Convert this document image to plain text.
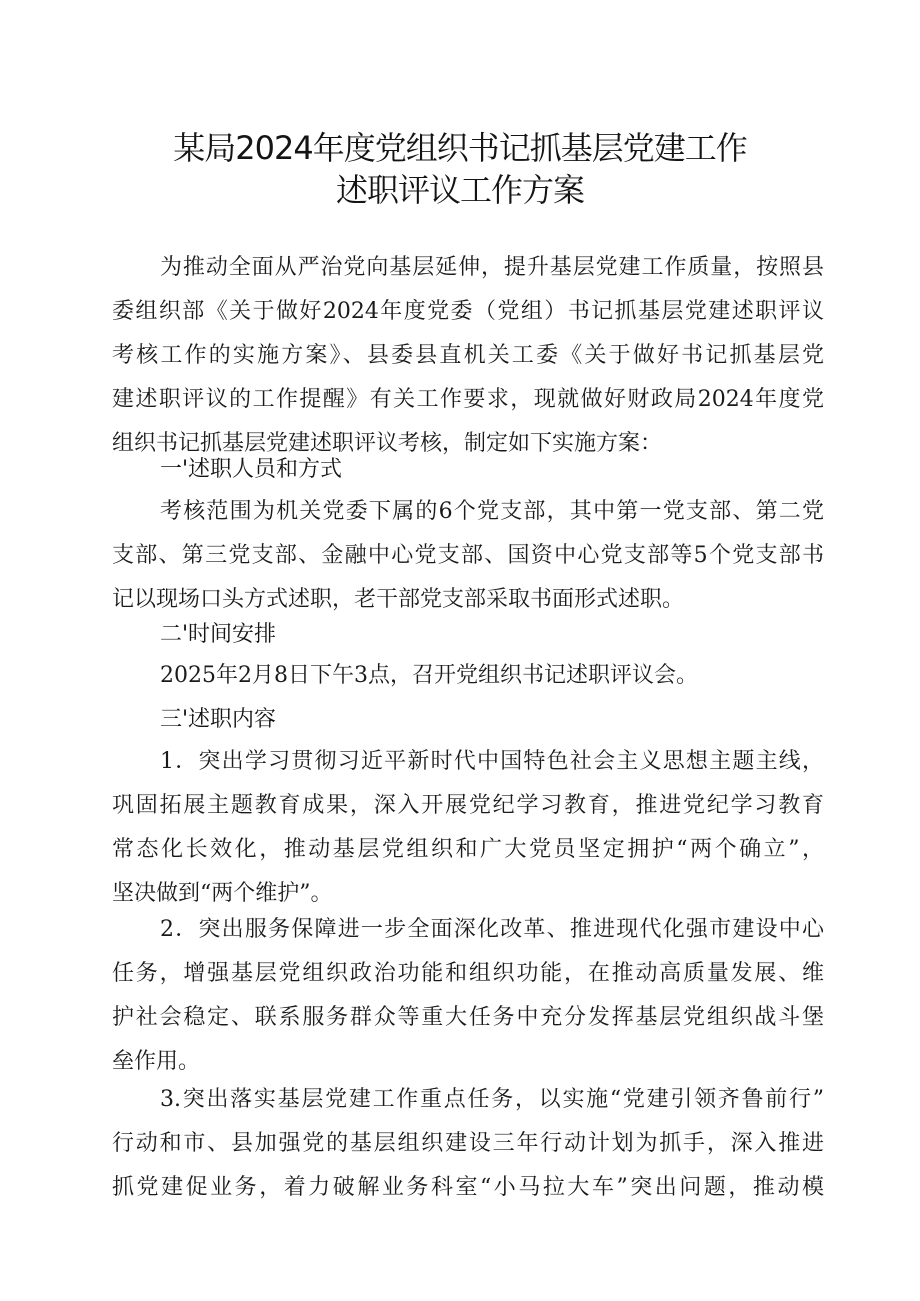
某局2024年度党组织书记抓基层党建工作
述职评议工作方案
为推动全面从严治党向基层延伸，提升基层党建工作质量，按照县
委组织部《关于做好2024年度党委（党组）书记抓基层党建述职评议
考核工作的实施方案》、县委县直机关工委《关于做好书记抓基层党
建述职评议的工作提醒》有关工作要求，现就做好财政局2024年度党
组织书记抓基层党建述职评议考核，制定如下实施方案：
一'述职人员和方式
考核范围为机关党委下属的6个党支部，其中第一党支部、第二党
支部、第三党支部、金融中心党支部、国资中心党支部等5个党支部书
记以现场口头方式述职，老干部党支部采取书面形式述职。
二'时间安排
2025年2月8日下午3点，召开党组织书记述职评议会。
三'述职内容
1．突出学习贯彻习近平新时代中国特色社会主义思想主题主线，
巩固拓展主题教育成果，深入开展党纪学习教育，推进党纪学习教育
常态化长效化，推动基层党组织和广大党员坚定拥护“两个确立”，
坚决做到“两个维护”。
2．突出服务保障进一步全面深化改革、推进现代化强市建设中心
任务，增强基层党组织政治功能和组织功能，在推动高质量发展、维
护社会稳定、联系服务群众等重大任务中充分发挥基层党组织战斗堡
垒作用。
3.突出落实基层党建工作重点任务，以实施“党建引领齐鲁前行”
行动和市、县加强党的基层组织建设三年行动计划为抓手，深入推进
抓党建促业务，着力破解业务科室“小马拉大车”突出问题，推动模
